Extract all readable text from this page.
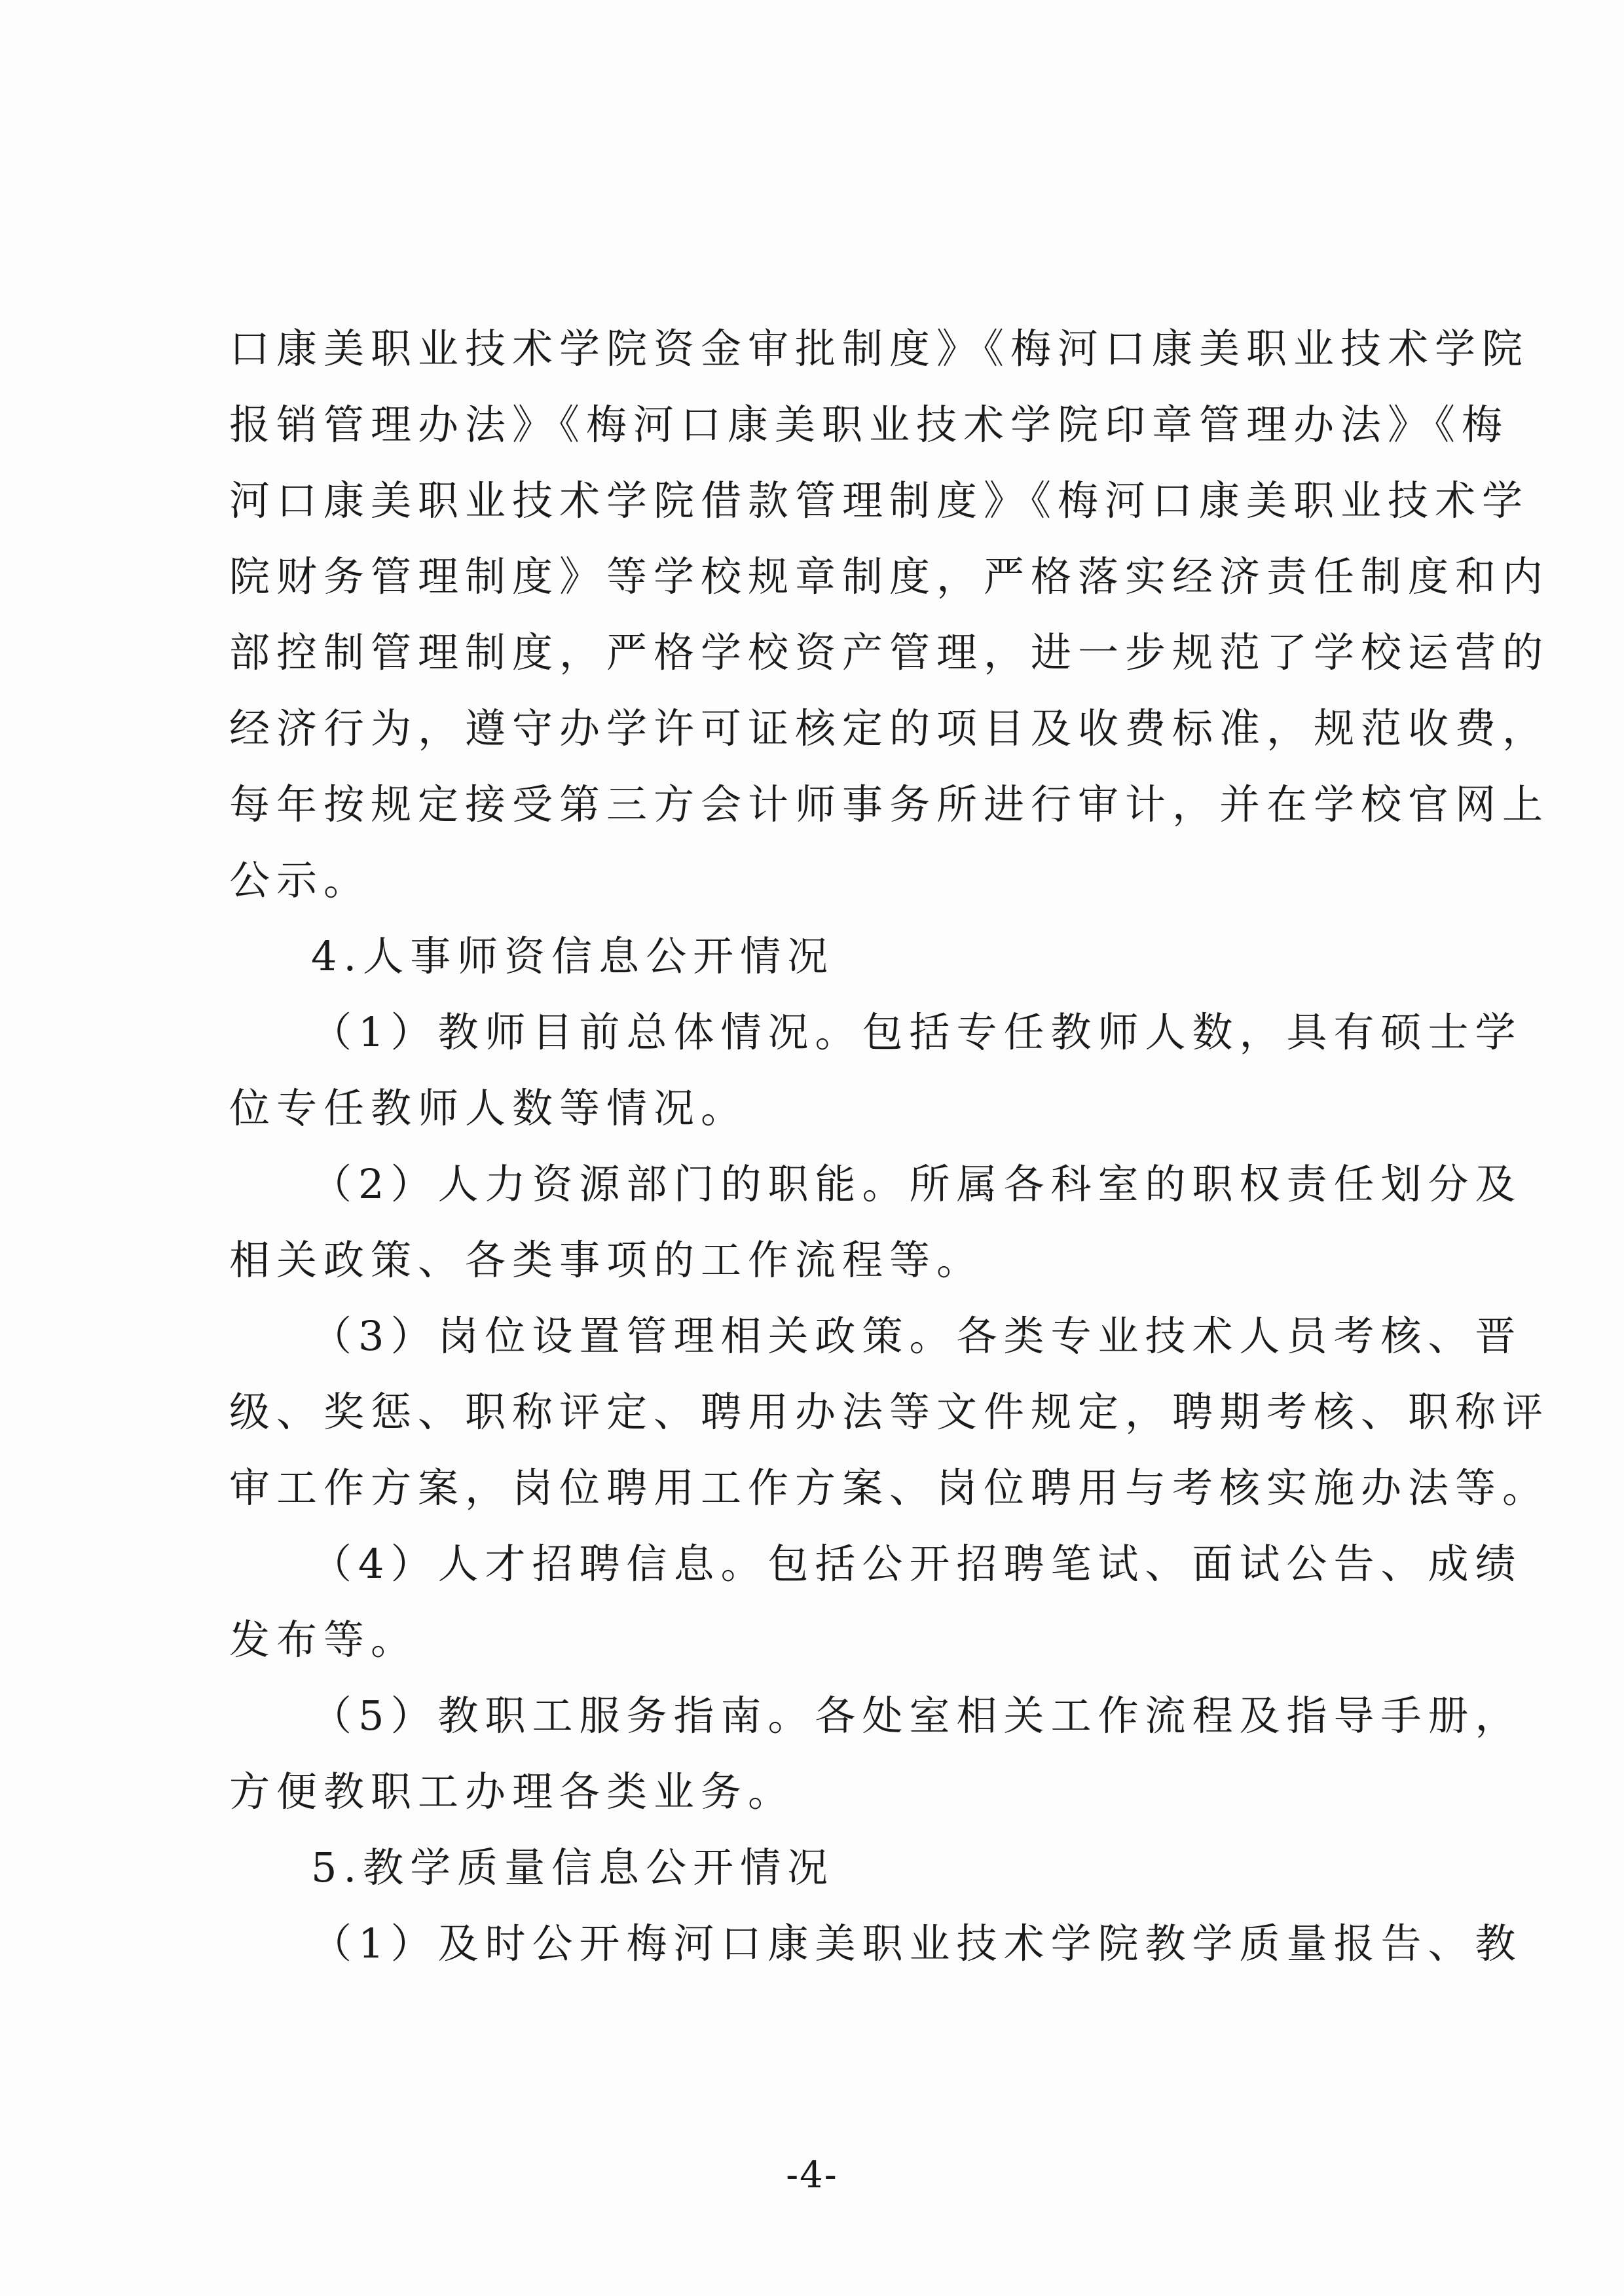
口康美职业技术学院资金审批制度》《梅河口康美职业技术学院
报销管理办法》《梅河口康美职业技术学院印章管理办法》《梅
河口康美职业技术学院借款管理制度》《梅河口康美职业技术学
院财务管理制度》等学校规章制度，严格落实经济责任制度和内
部控制管理制度，严格学校资产管理，进一步规范了学校运营的
经济行为，遵守办学许可证核定的项目及收费标准，规范收费，
每年按规定接受第三方会计师事务所进行审计，并在学校官网上
公示。
4.人事师资信息公开情况
（1）教师目前总体情况。包括专任教师人数，具有硕士学
位专任教师人数等情况。
（2）人力资源部门的职能。所属各科室的职权责任划分及
相关政策、各类事项的工作流程等。
（3）岗位设置管理相关政策。各类专业技术人员考核、晋
级、奖惩、职称评定、聘用办法等文件规定，聘期考核、职称评
审工作方案，岗位聘用工作方案、岗位聘用与考核实施办法等。
（4）人才招聘信息。包括公开招聘笔试、面试公告、成绩
发布等。
（5）教职工服务指南。各处室相关工作流程及指导手册，
方便教职工办理各类业务。
5.教学质量信息公开情况
（1）及时公开梅河口康美职业技术学院教学质量报告、教
-4-
